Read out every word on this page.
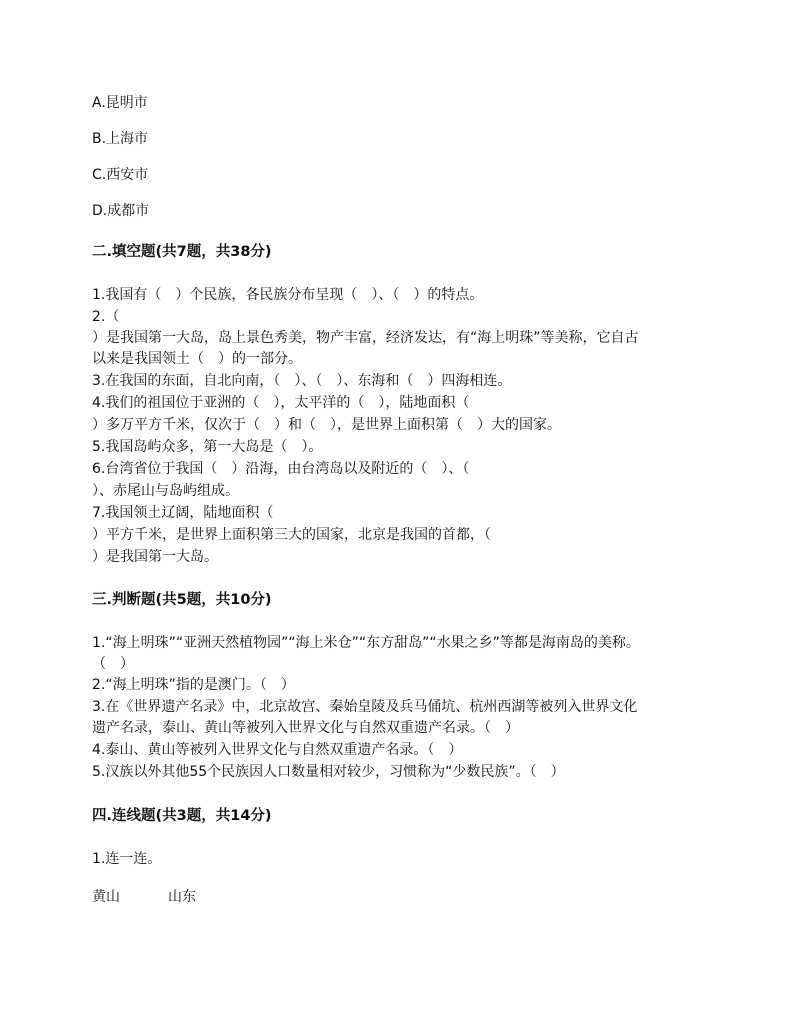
A.昆明市
B.上海市
C.西安市
D.成都市
二.填空题(共7题，共38分)
1.我国有（　）个民族，各民族分布呈现（　）、（　）的特点。
2.（
）是我国第一大岛，岛上景色秀美，物产丰富，经济发达，有“海上明珠”等美称，它自古
以来是我国领土（　）的一部分。
3.在我国的东面，自北向南，（　）、（　）、东海和（　）四海相连。
4.我们的祖国位于亚洲的（　），太平洋的（　），陆地面积（
）多万平方千米，仅次于（　）和（　），是世界上面积第（　）大的国家。
5.我国岛屿众多，第一大岛是（　）。
6.台湾省位于我国（　）沿海，由台湾岛以及附近的（　）、（
）、赤尾山与岛屿组成。
7.我国领土辽阔，陆地面积（
）平方千米，是世界上面积第三大的国家，北京是我国的首都，（
）是我国第一大岛。
三.判断题(共5题，共10分)
1.“海上明珠”“亚洲天然植物园”“海上米仓”“东方甜岛”“水果之乡”等都是海南岛的美称。
（　）
2.“海上明珠”指的是澳门。（　）
3.在《世界遗产名录》中，北京故宫、秦始皇陵及兵马俑坑、杭州西湖等被列入世界文化
遗产名录，泰山、黄山等被列入世界文化与自然双重遗产名录。（　）
4.泰山、黄山等被列入世界文化与自然双重遗产名录。（　）
5.汉族以外其他55个民族因人口数量相对较少，习惯称为“少数民族”。（　）
四.连线题(共3题，共14分)
1.连一连。
黄山	山东
